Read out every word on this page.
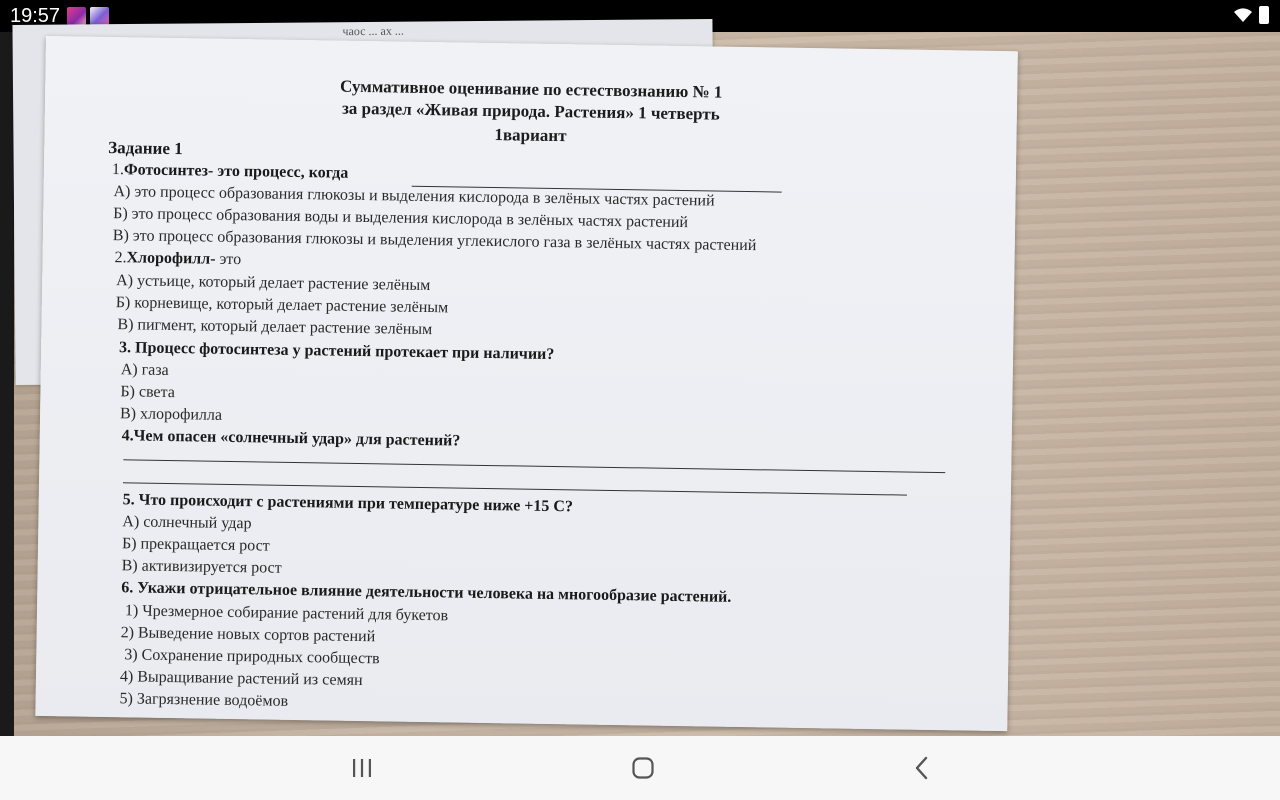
19:57
чаос ... ах ...
Суммативное оценивание по естествознанию № 1
за раздел «Живая природа. Растения» 1 четверть
1вариант
Задание 1
1.Фотосинтез- это процесс, когда
А) это процесс образования глюкозы и выделения кислорода в зелёных частях растений
Б) это процесс образования воды и выделения кислорода в зелёных частях растений
В) это процесс образования глюкозы и выделения углекислого газа в зелёных частях растений
2.Хлорофилл- это
А) устьице, который делает растение зелёным
Б) корневище, который делает растение зелёным
В) пигмент, который делает растение зелёным
3. Процесс фотосинтеза у растений протекает при наличии?
А) газа
Б) света
В) хлорофилла
4.Чем опасен «солнечный удар» для растений?
5. Что происходит с растениями при температуре ниже +15 С?
А) солнечный удар
Б) прекращается рост
В) активизируется рост
6. Укажи отрицательное влияние деятельности человека на многообразие растений.
1) Чрезмерное собирание растений для букетов
2) Выведение новых сортов растений
3) Сохранение природных сообществ
4) Выращивание растений из семян
5) Загрязнение водоёмов
